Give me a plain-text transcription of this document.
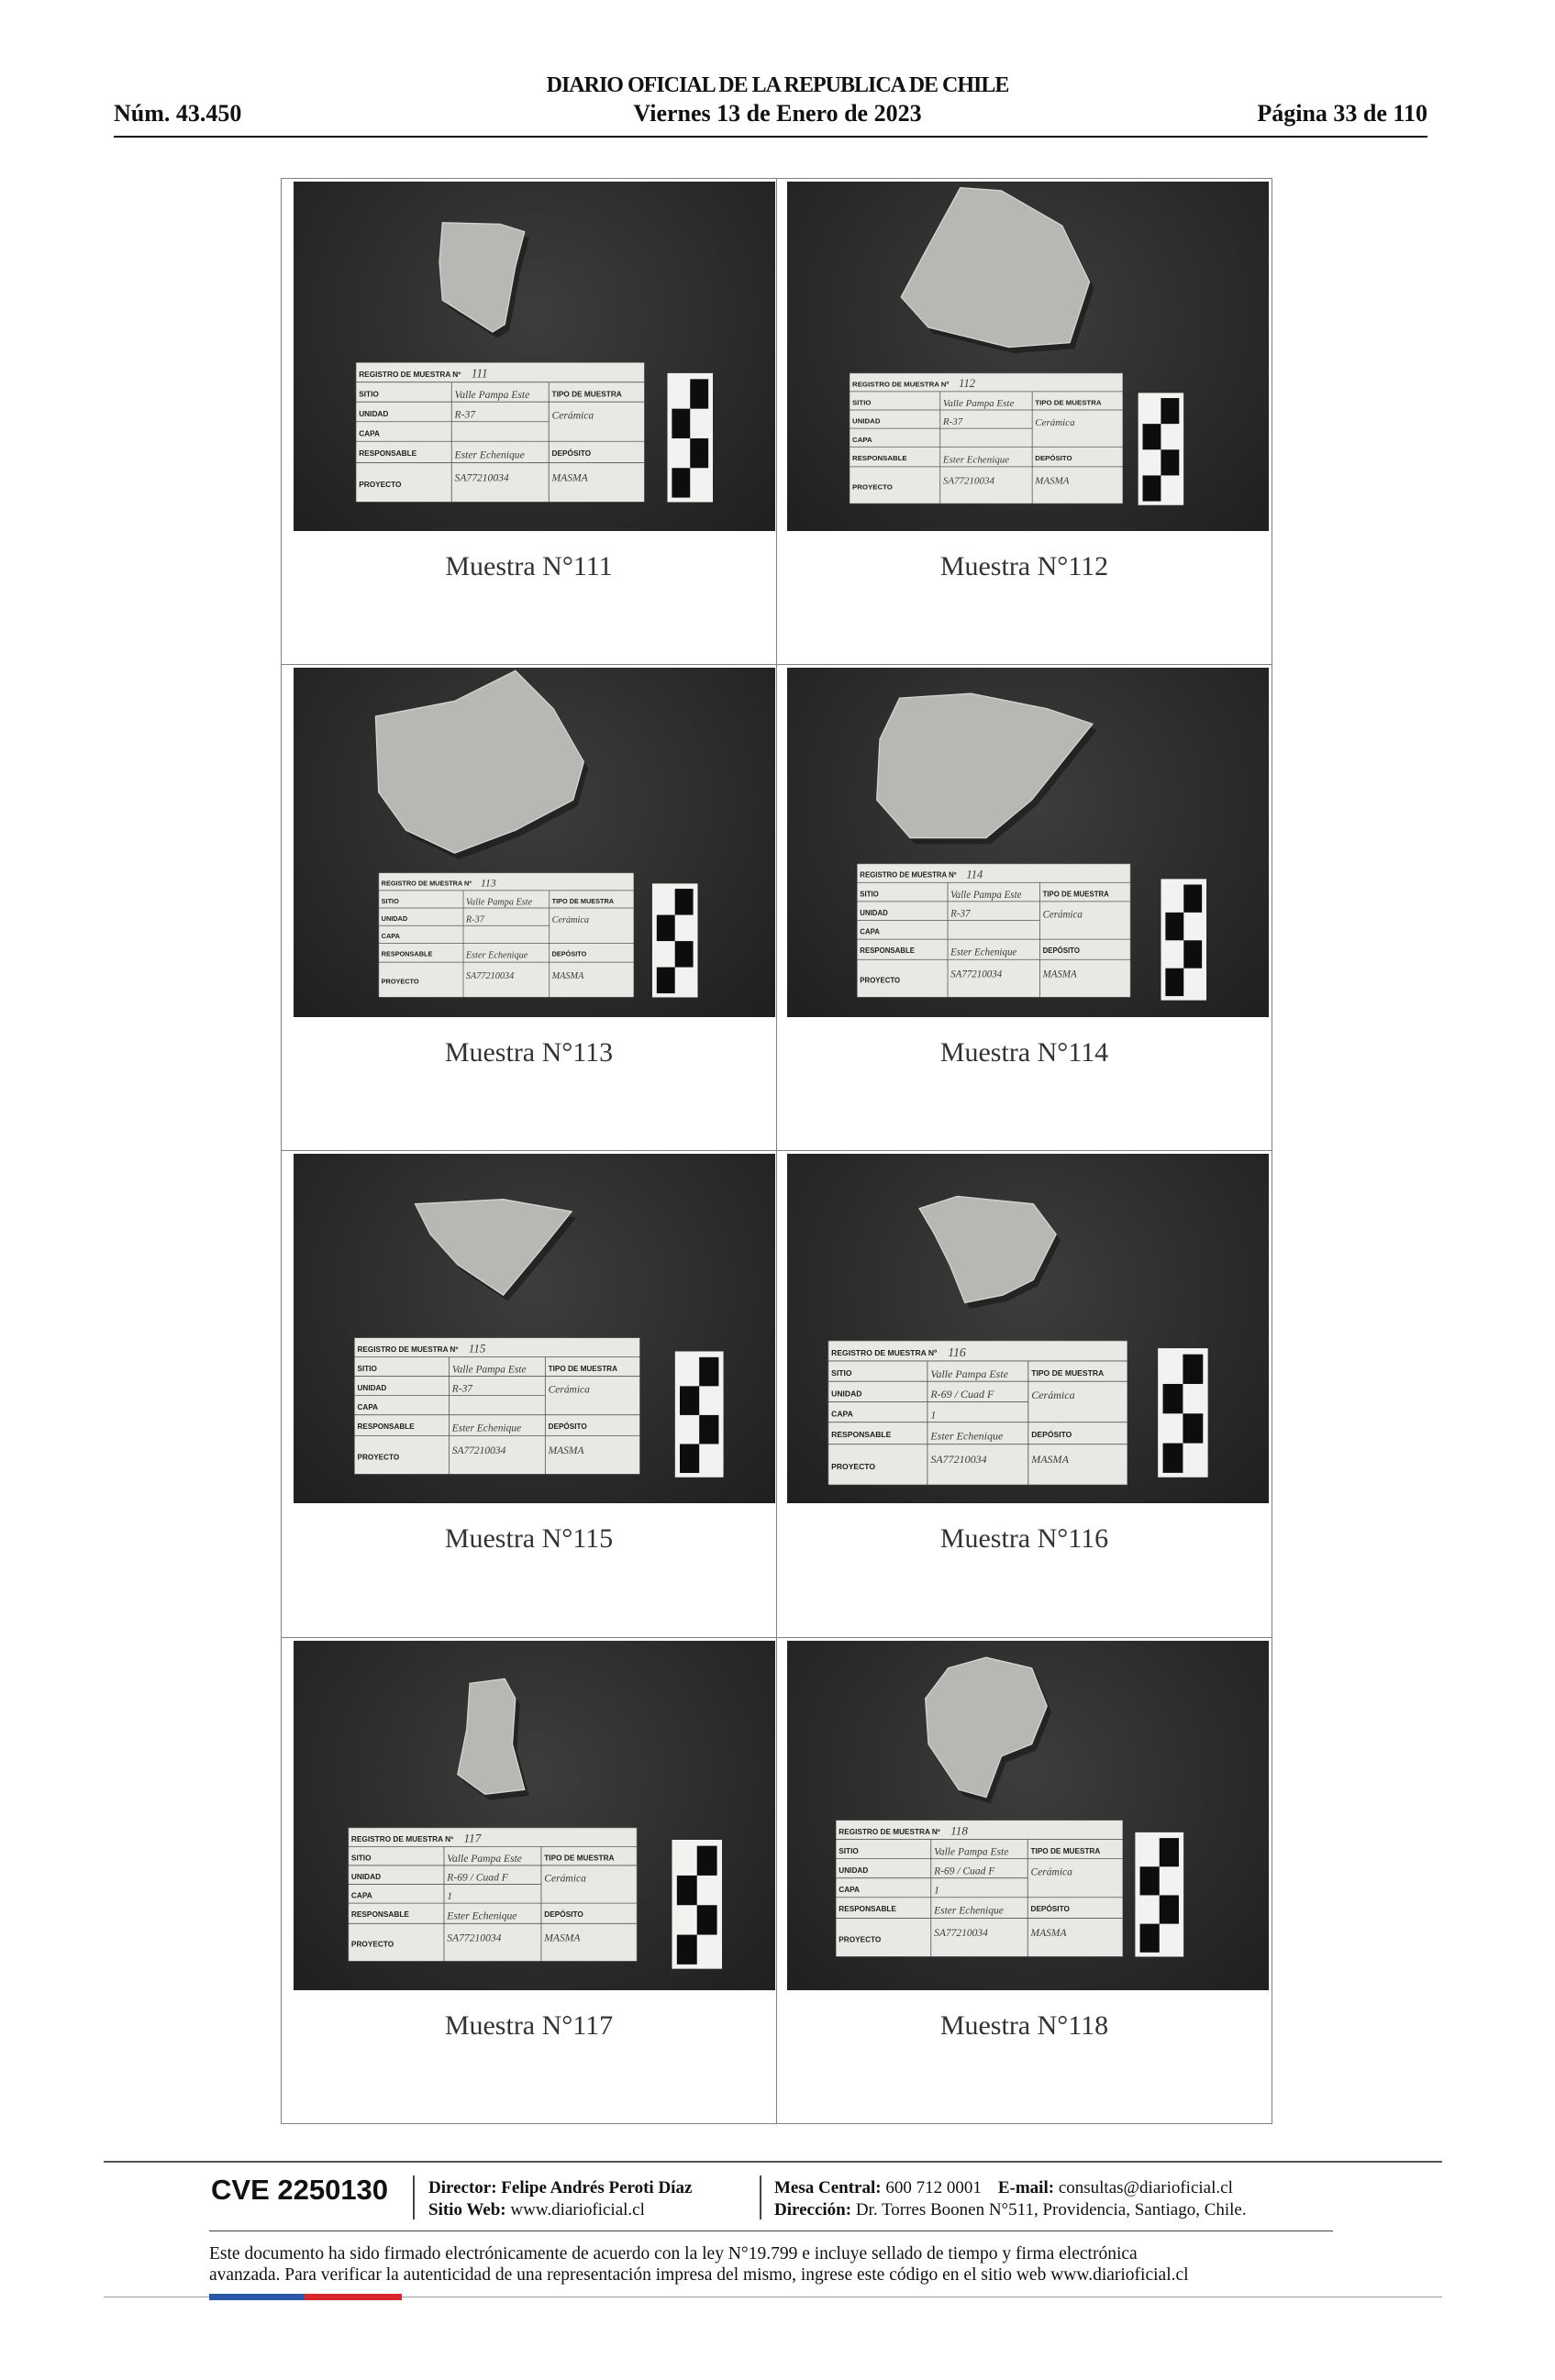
DIARIO OFICIAL DE LA REPUBLICA DE CHILE
Núm. 43.450	Viernes 13 de Enero de 2023	Página 33 de 110
REGISTRO DE MUESTRA Nº 111
SITIO
UNIDAD
CAPA
RESPONSABLE
PROYECTO
TIPO DE MUESTRA
DEPÓSITO
Valle Pampa Este
R-37
Ester Echenique
SA77210034
Cerámica
MASMA
Muestra N°111
REGISTRO DE MUESTRA Nº 112
SITIO
UNIDAD
CAPA
RESPONSABLE
PROYECTO
TIPO DE MUESTRA
DEPÓSITO
Valle Pampa Este
R-37
Ester Echenique
SA77210034
Cerámica
MASMA
Muestra N°112
REGISTRO DE MUESTRA Nº 113
SITIO
UNIDAD
CAPA
RESPONSABLE
PROYECTO
TIPO DE MUESTRA
DEPÓSITO
Valle Pampa Este
R-37
Ester Echenique
SA77210034
Cerámica
MASMA
Muestra N°113
REGISTRO DE MUESTRA Nº 114
SITIO
UNIDAD
CAPA
RESPONSABLE
PROYECTO
TIPO DE MUESTRA
DEPÓSITO
Valle Pampa Este
R-37
Ester Echenique
SA77210034
Cerámica
MASMA
Muestra N°114
REGISTRO DE MUESTRA Nº 115
SITIO
UNIDAD
CAPA
RESPONSABLE
PROYECTO
TIPO DE MUESTRA
DEPÓSITO
Valle Pampa Este
R-37
Ester Echenique
SA77210034
Cerámica
MASMA
Muestra N°115
REGISTRO DE MUESTRA Nº 116
SITIO
UNIDAD
CAPA
RESPONSABLE
PROYECTO
TIPO DE MUESTRA
DEPÓSITO
Valle Pampa Este
R-69 / Cuad F
1
Ester Echenique
SA77210034
Cerámica
MASMA
Muestra N°116
REGISTRO DE MUESTRA Nº 117
SITIO
UNIDAD
CAPA
RESPONSABLE
PROYECTO
TIPO DE MUESTRA
DEPÓSITO
Valle Pampa Este
R-69 / Cuad F
1
Ester Echenique
SA77210034
Cerámica
MASMA
Muestra N°117
REGISTRO DE MUESTRA Nº 118
SITIO
UNIDAD
CAPA
RESPONSABLE
PROYECTO
TIPO DE MUESTRA
DEPÓSITO
Valle Pampa Este
R-69 / Cuad F
1
Ester Echenique
SA77210034
Cerámica
MASMA
Muestra N°118
CVE 2250130 Director: Felipe Andrés Peroti Díaz
Sitio Web: www.diarioficial.cl
Mesa Central: 600 712 0001 E-mail: consultas@diarioficial.cl
Dirección: Dr. Torres Boonen N°511, Providencia, Santiago, Chile.
Este documento ha sido firmado electrónicamente de acuerdo con la ley N°19.799 e incluye sellado de tiempo y firma electrónica
avanzada. Para verificar la autenticidad de una representación impresa del mismo, ingrese este código en el sitio web www.diarioficial.cl
